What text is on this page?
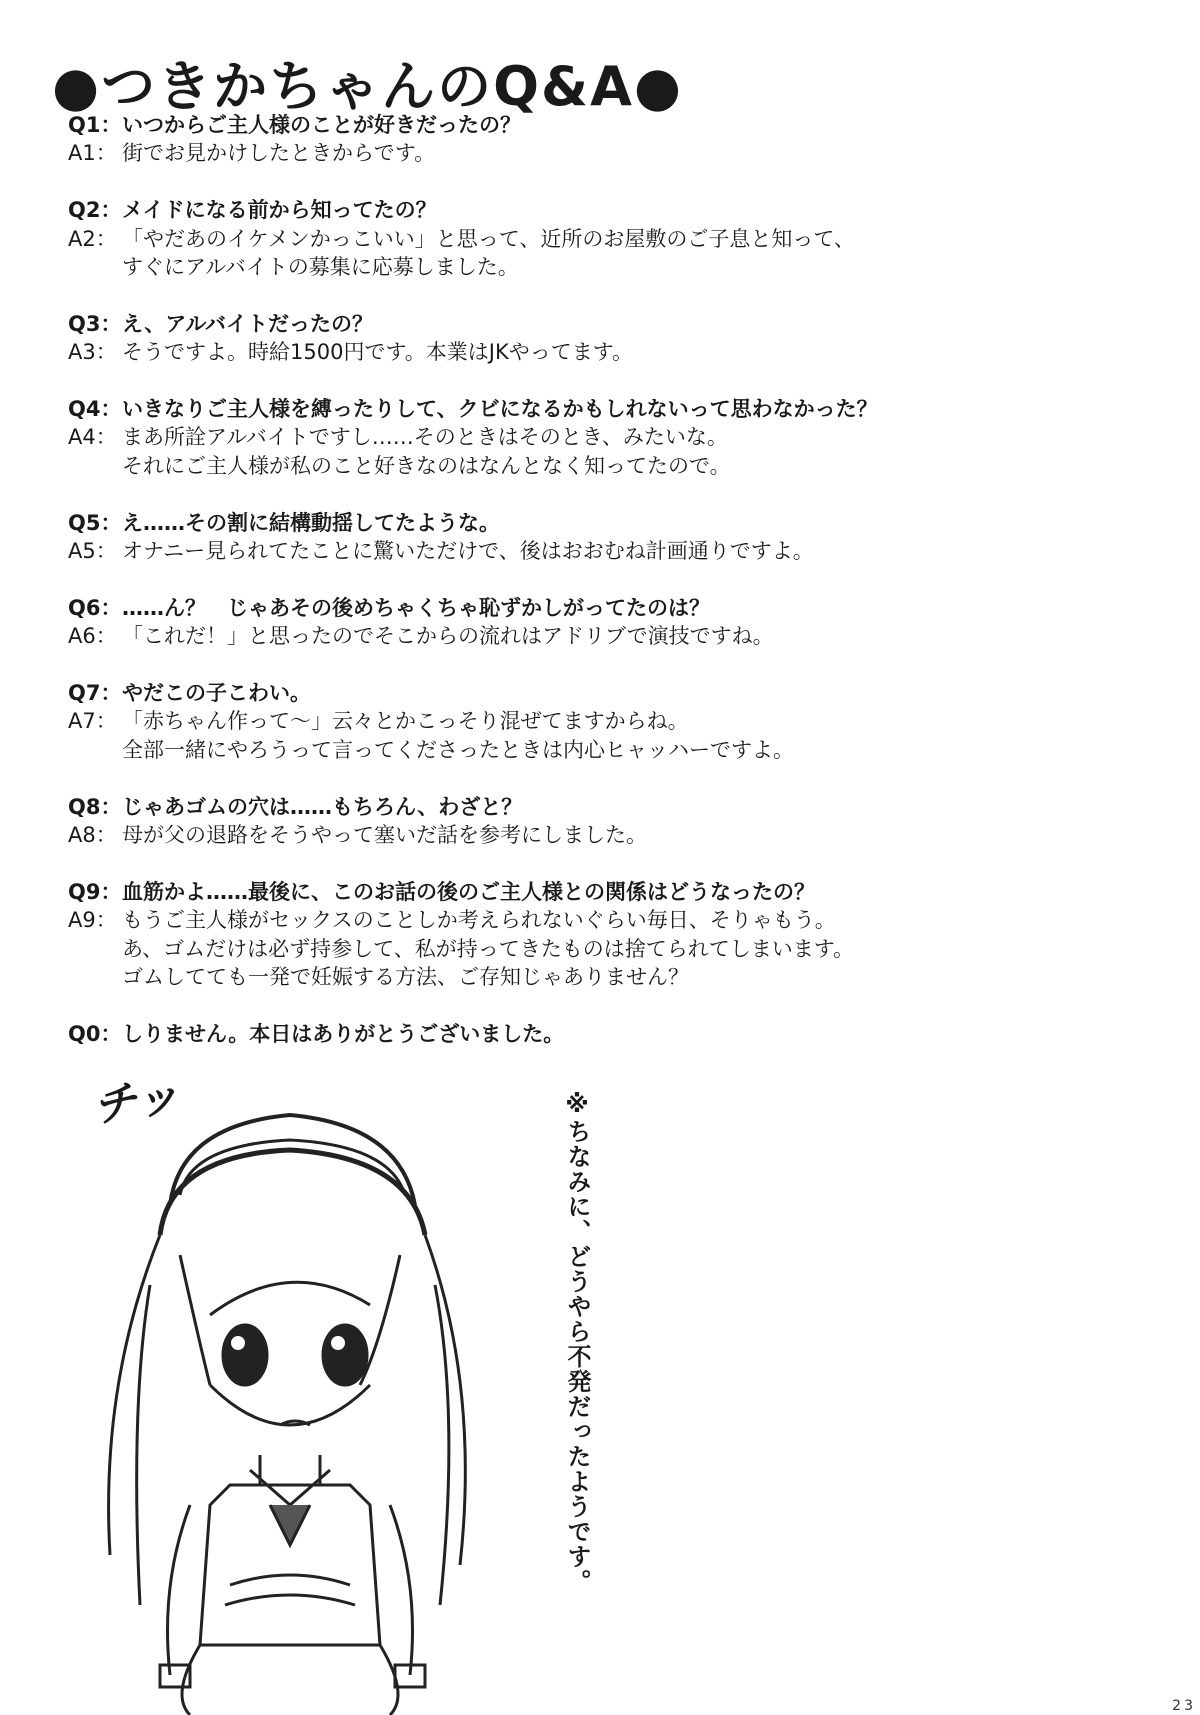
●つきかちゃんのQ&A●
Q1： いつからご主人様のことが好きだったの？
A1： 街でお見かけしたときからです。
Q2： メイドになる前から知ってたの？
A2： 「やだあのイケメンかっこいい」と思って、近所のお屋敷のご子息と知って、
すぐにアルバイトの募集に応募しました。
Q3： え、アルバイトだったの？
A3： そうですよ。時給1500円です。本業はJKやってます。
Q4： いきなりご主人様を縛ったりして、クビになるかもしれないって思わなかった？
A4： まあ所詮アルバイトですし……そのときはそのとき、みたいな。
それにご主人様が私のこと好きなのはなんとなく知ってたので。
Q5： え……その割に結構動揺してたような。
A5： オナニー見られてたことに驚いただけで、後はおおむね計画通りですよ。
Q6： ……ん？　じゃあその後めちゃくちゃ恥ずかしがってたのは？
A6： 「これだ！」と思ったのでそこからの流れはアドリブで演技ですね。
Q7： やだこの子こわい。
A7： 「赤ちゃん作って～」云々とかこっそり混ぜてますからね。
全部一緒にやろうって言ってくださったときは内心ヒャッハーですよ。
Q8： じゃあゴムの穴は……もちろん、わざと？
A8： 母が父の退路をそうやって塞いだ話を参考にしました。
Q9： 血筋かよ……最後に、このお話の後のご主人様との関係はどうなったの？
A9： もうご主人様がセックスのことしか考えられないぐらい毎日、そりゃもう。
あ、ゴムだけは必ず持参して、私が持ってきたものは捨てられてしまいます。
ゴムしてても一発で妊娠する方法、ご存知じゃありません？
Q0： しりません。本日はありがとうございました。
チッ	※ちなみに、どうやら不発だったようです。
23
